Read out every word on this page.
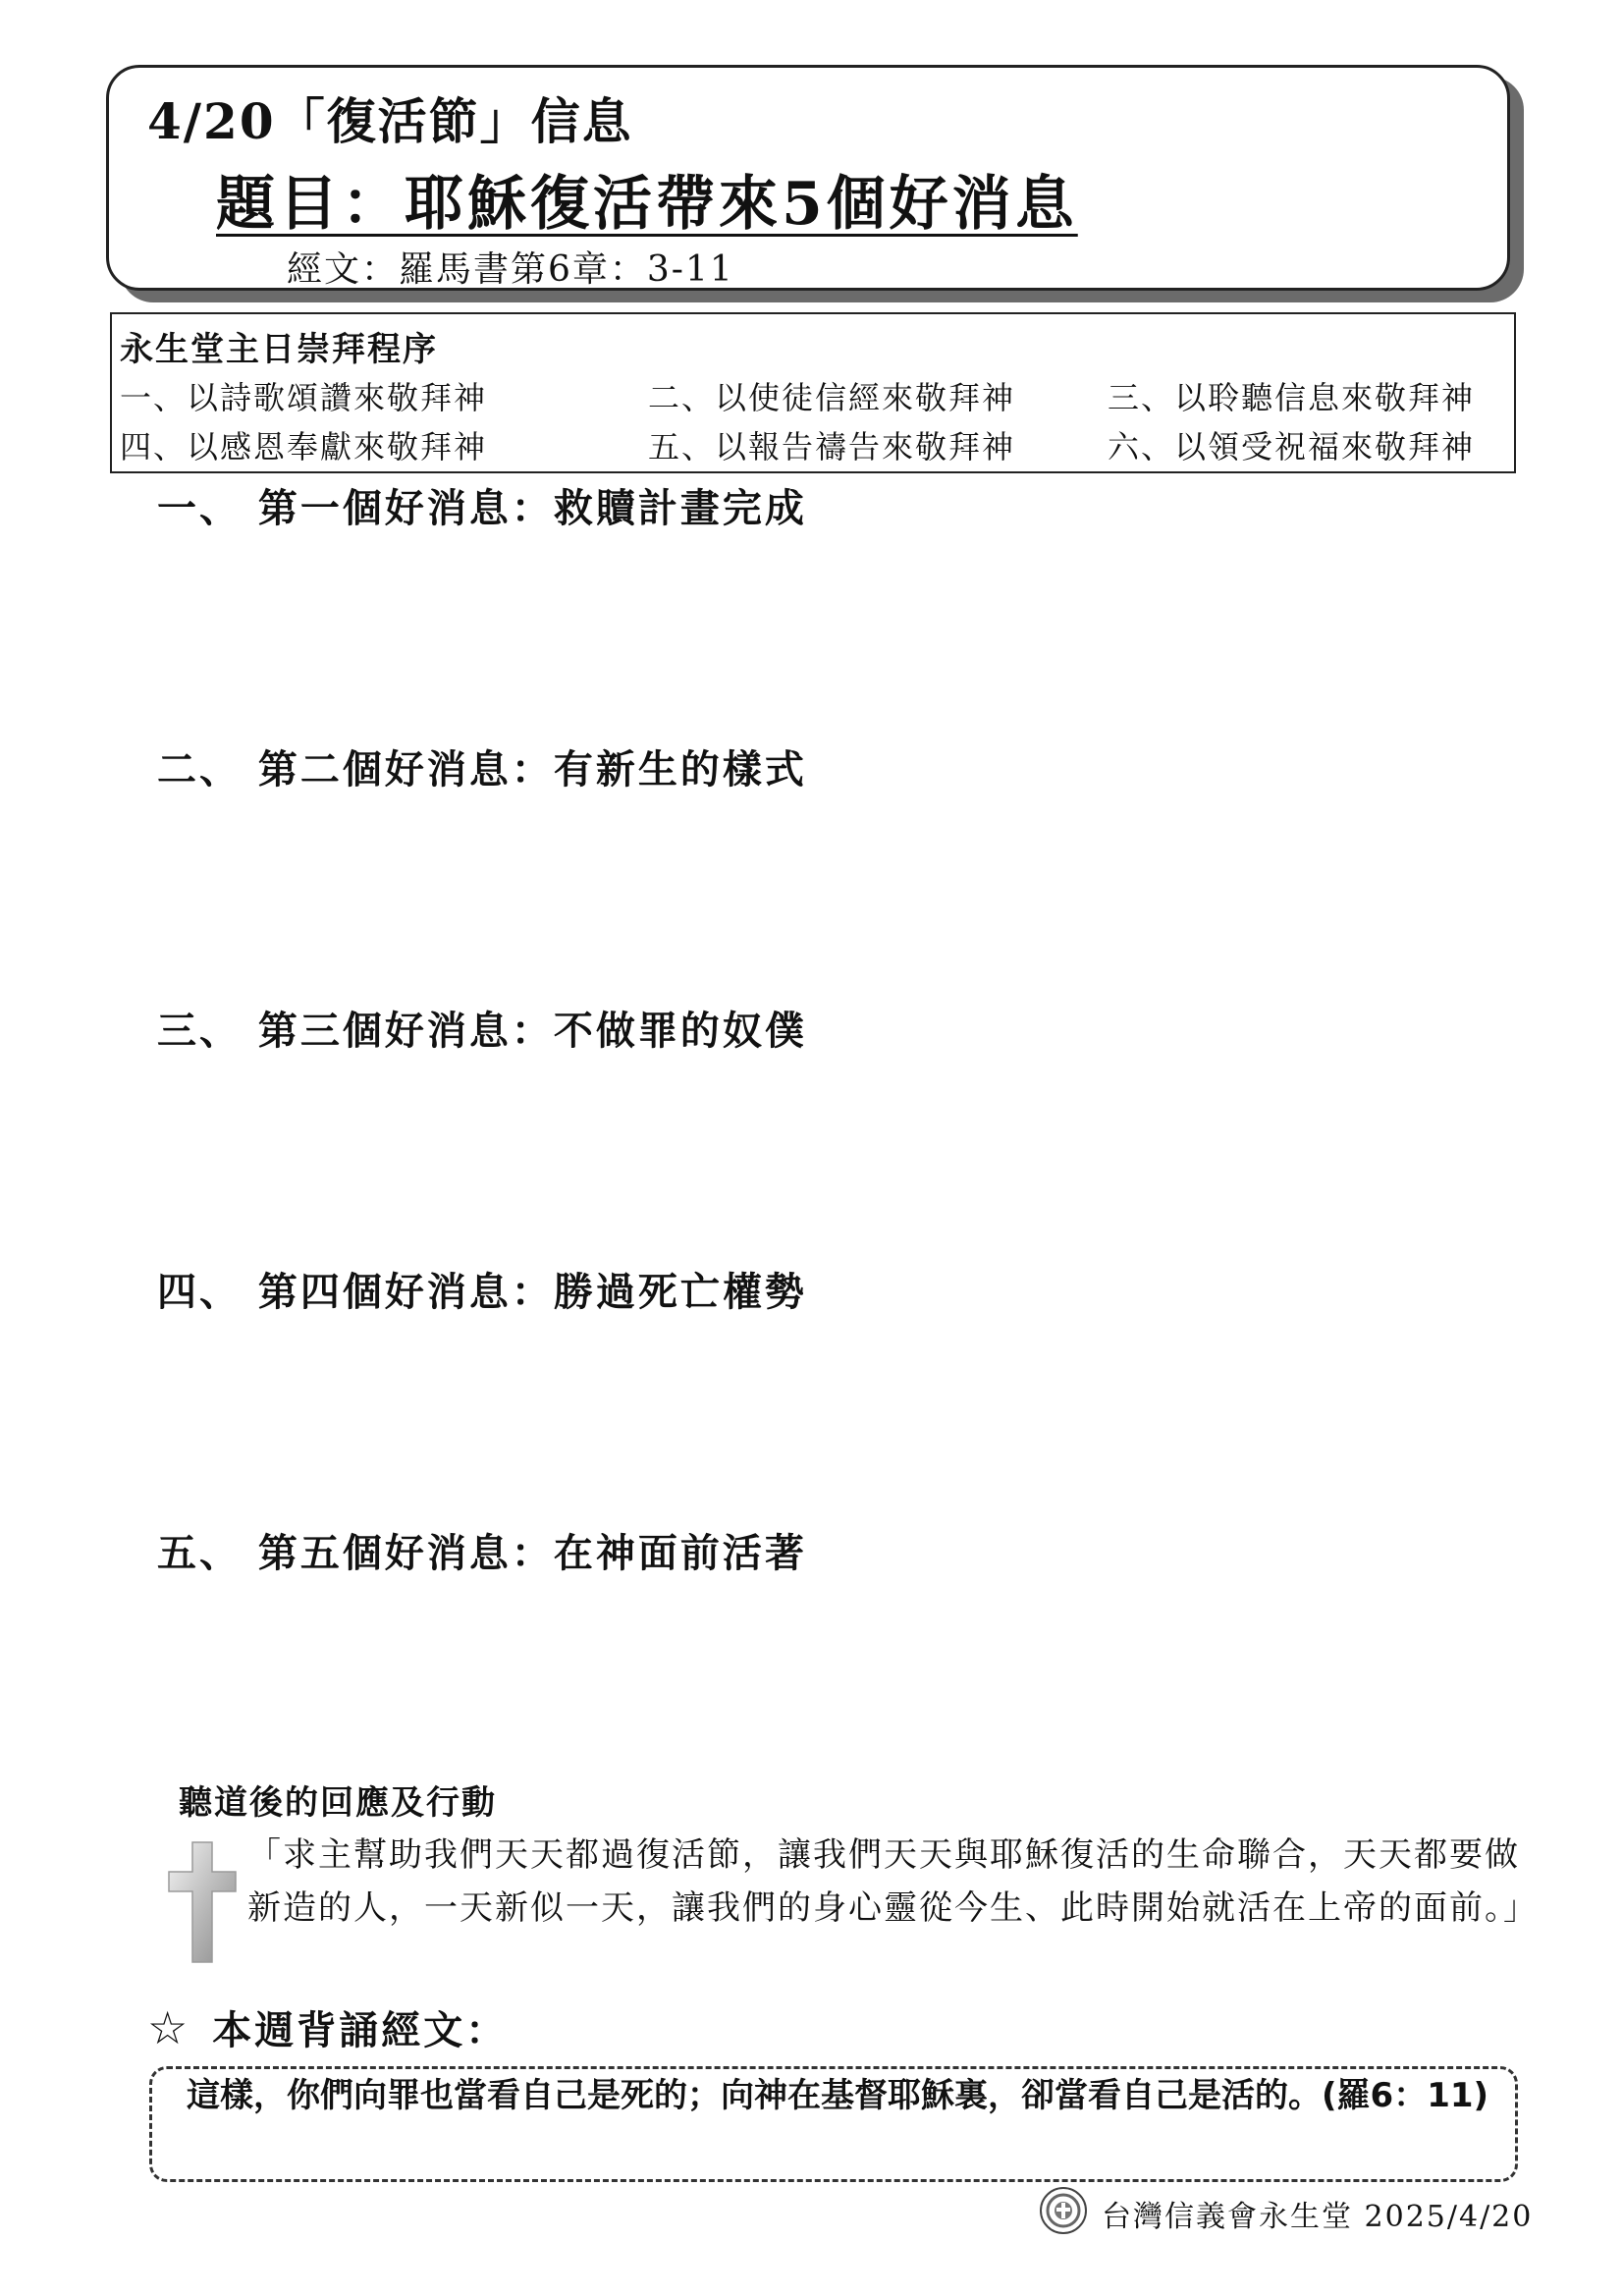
4/20「復活節」信息
題目：耶穌復活帶來5個好消息
經文：羅馬書第6章：3-11
永生堂主日崇拜程序
一、以詩歌頌讚來敬拜神	二、以使徒信經來敬拜神	三、以聆聽信息來敬拜神
四、以感恩奉獻來敬拜神	五、以報告禱告來敬拜神	六、以領受祝福來敬拜神
一、 第一個好消息：救贖計畫完成
二、 第二個好消息：有新生的樣式
三、 第三個好消息：不做罪的奴僕
四、 第四個好消息：勝過死亡權勢
五、 第五個好消息：在神面前活著
聽道後的回應及行動
「求主幫助我們天天都過復活節，讓我們天天與耶穌復活的生命聯合，天天都要做新造的人，一天新似一天，讓我們的身心靈從今生、此時開始就活在上帝的面前。」
☆ 本週背誦經文：
這樣，你們向罪也當看自己是死的；向神在基督耶穌裏，卻當看自己是活的。(羅6：11)
台灣信義會永生堂 2025/4/20
